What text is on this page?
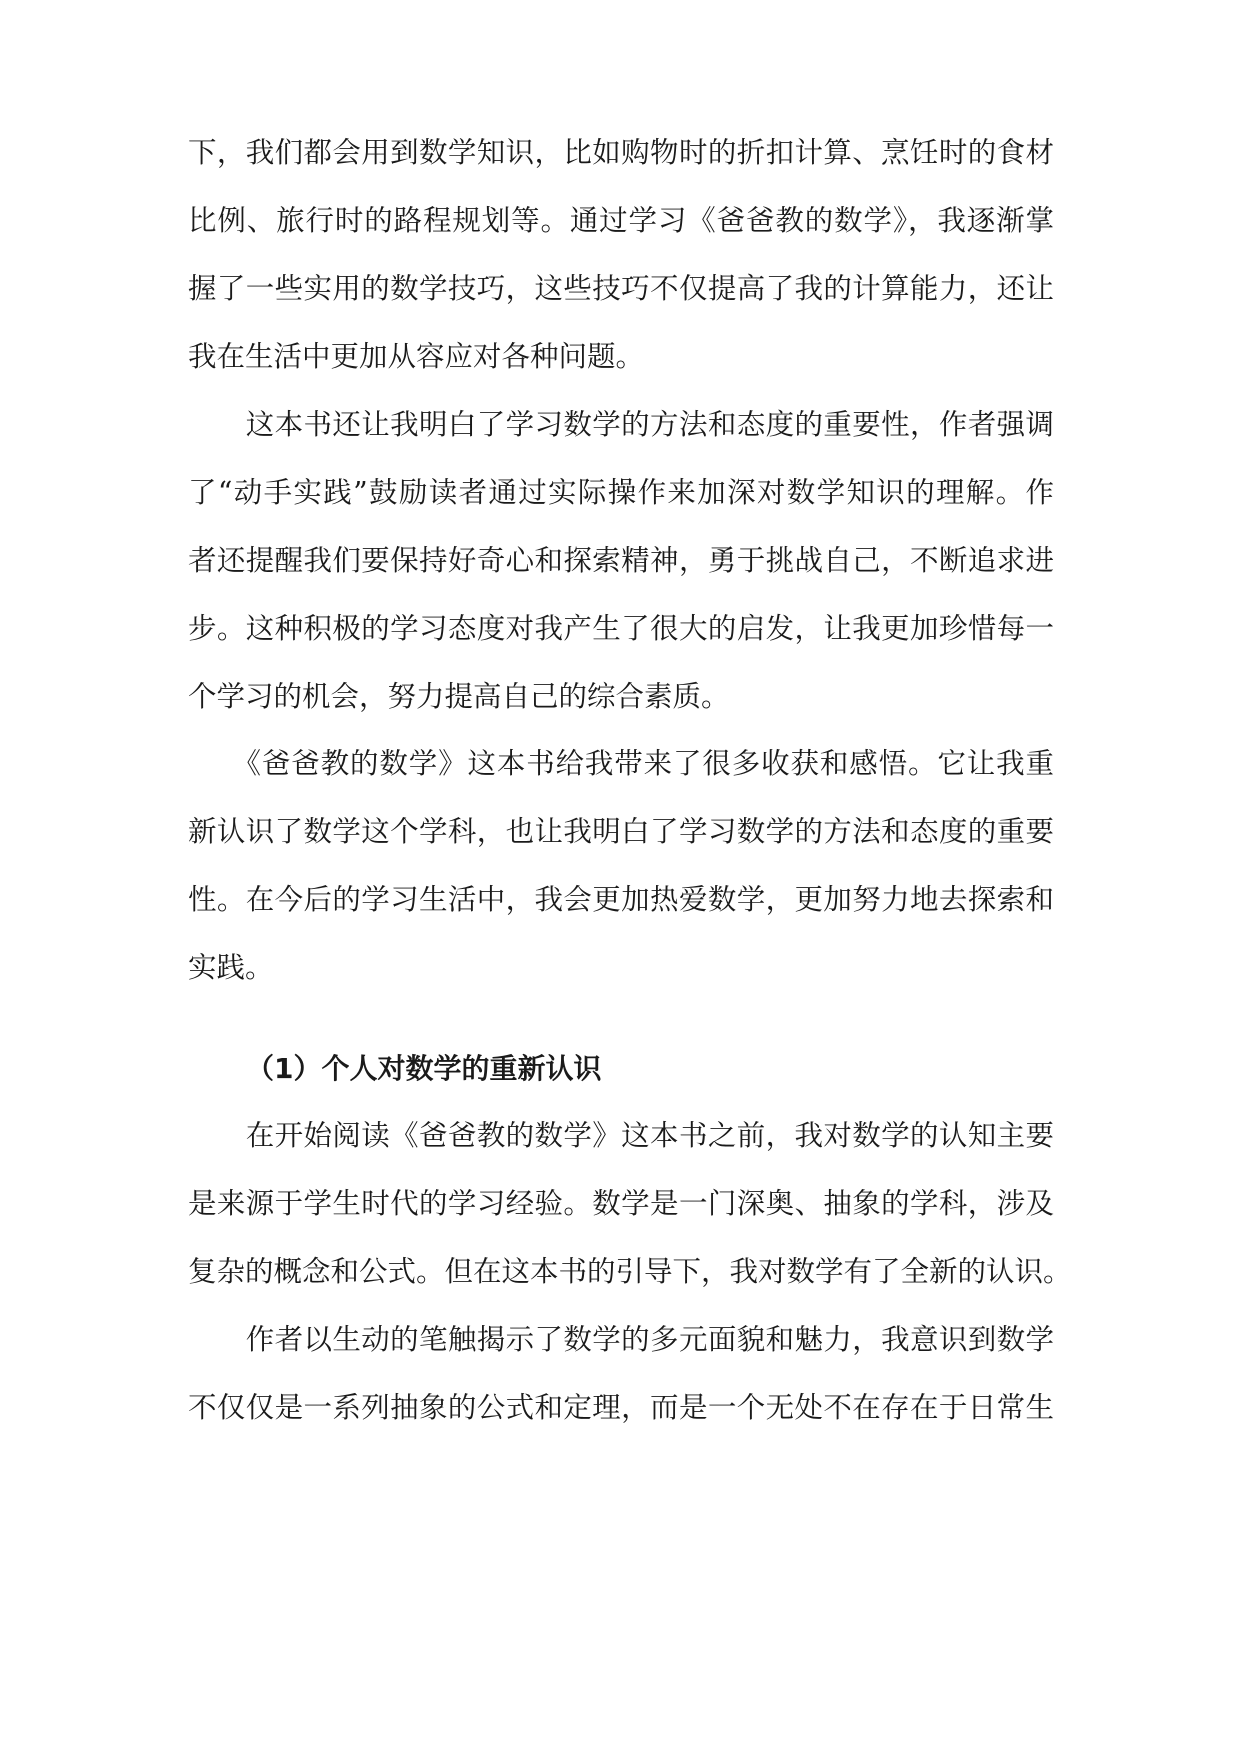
下，我们都会用到数学知识，比如购物时的折扣计算、烹饪时的食材
比例、旅行时的路程规划等。通过学习《爸爸教的数学》，我逐渐掌
握了一些实用的数学技巧，这些技巧不仅提高了我的计算能力，还让
我在生活中更加从容应对各种问题。
　　这本书还让我明白了学习数学的方法和态度的重要性，作者强调
了“动手实践”鼓励读者通过实际操作来加深对数学知识的理解。作
者还提醒我们要保持好奇心和探索精神，勇于挑战自己，不断追求进
步。这种积极的学习态度对我产生了很大的启发，让我更加珍惜每一
个学习的机会，努力提高自己的综合素质。
　　《爸爸教的数学》这本书给我带来了很多收获和感悟。它让我重
新认识了数学这个学科，也让我明白了学习数学的方法和态度的重要
性。在今后的学习生活中，我会更加热爱数学，更加努力地去探索和
实践。
（1）个人对数学的重新认识
　　在开始阅读《爸爸教的数学》这本书之前，我对数学的认知主要
是来源于学生时代的学习经验。数学是一门深奥、抽象的学科，涉及
复杂的概念和公式。但在这本书的引导下，我对数学有了全新的认识。
　　作者以生动的笔触揭示了数学的多元面貌和魅力，我意识到数学
不仅仅是一系列抽象的公式和定理，而是一个无处不在存在于日常生
